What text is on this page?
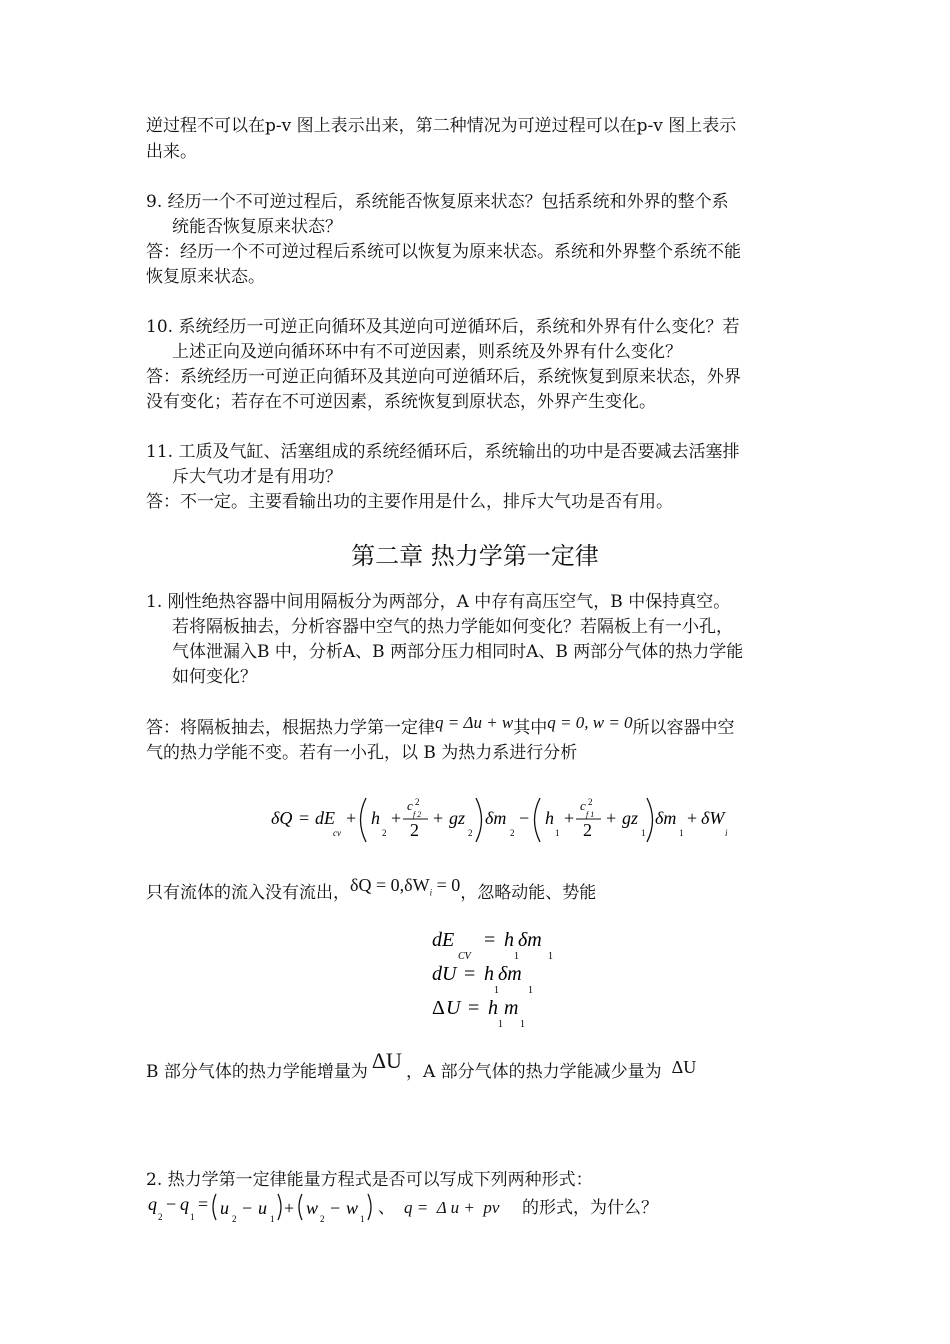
逆过程不可以在p-v 图上表示出来，第二种情况为可逆过程可以在p-v 图上表示
出来。
9. 经历一个不可逆过程后，系统能否恢复原来状态？包括系统和外界的整个系
统能否恢复原来状态？
答：经历一个不可逆过程后系统可以恢复为原来状态。系统和外界整个系统不能
恢复原来状态。
10. 系统经历一可逆正向循环及其逆向可逆循环后，系统和外界有什么变化？若
上述正向及逆向循环环中有不可逆因素，则系统及外界有什么变化？
答：系统经历一可逆正向循环及其逆向可逆循环后，系统恢复到原来状态，外界
没有变化；若存在不可逆因素，系统恢复到原状态，外界产生变化。
11. 工质及气缸、活塞组成的系统经循环后，系统输出的功中是否要减去活塞排
斥大气功才是有用功？
答：不一定。主要看输出功的主要作用是什么，排斥大气功是否有用。
第二章 热力学第一定律
1. 刚性绝热容器中间用隔板分为两部分，A 中存有高压空气，B 中保持真空。
若将隔板抽去，分析容器中空气的热力学能如何变化？若隔板上有一小孔，
气体泄漏入B 中，分析A、B 两部分压力相同时A、B 两部分气体的热力学能
如何变化？
答：将隔板抽去，根据热力学第一定律q = Δu + w其中q = 0, w = 0所以容器中空
气的热力学能不变。若有一小孔，以 B 为热力系进行分析
δQ = dE
cv
+ h
2
+
c 2
f 2
2
+ gz
2
δm
2
− h
1
+
c 2
f 1
2
+ gz
1
δm
1
+ δW
i
只有流体的流入没有流出，$\delta Q = 0,\delta W_i = 0$，忽略动能、势能
dE
CV
= h
1
δm
1
dU = h
1
δm
1
Δ U = h
1
m
1
B 部分气体的热力学能增量为 ΔU ，A 部分气体的热力学能减少量为 ΔU
2. 热力学第一定律能量方程式是否可以写成下列两种形式：
q
2
− q
1
= u
2
− u
1
+ w
2
− w
1
、 q =  Δ u +  pv 的形式，为什么？
